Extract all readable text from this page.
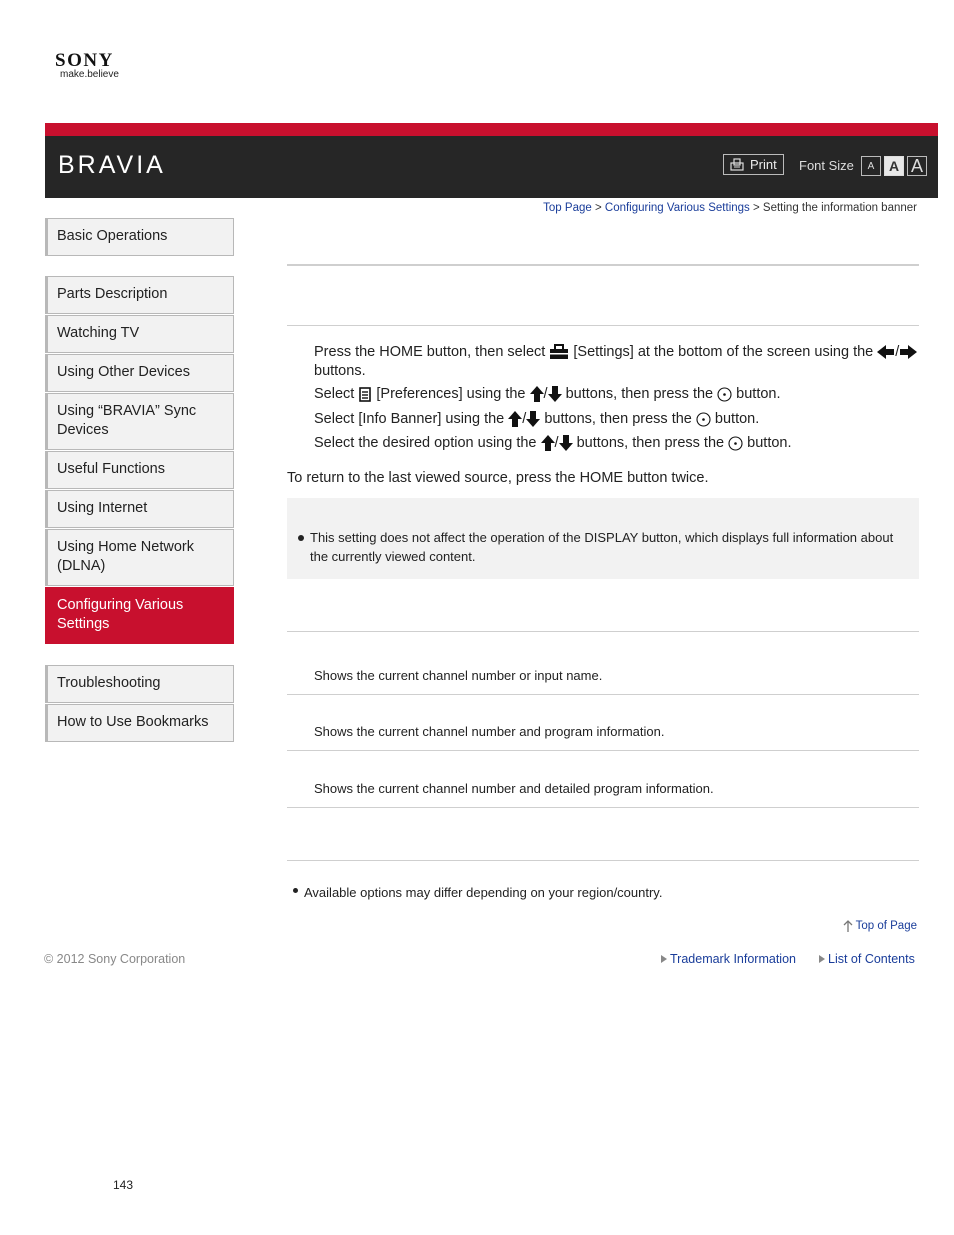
SONY
make.believe
BRAVIA	Print Font Size	A	A A
Top Page > Configuring Various Settings > Setting the information banner
Basic Operations
Parts Description
Watching TV
Using Other Devices
Using “BRAVIA” Sync Devices
Useful Functions
Using Internet
Using Home Network (DLNA)
Configuring Various Settings
Troubleshooting
How to Use Bookmarks
Press the HOME button, then select [Settings] at the bottom of the screen using the /
buttons.
Select [Preferences] using the / buttons, then press the button.
Select [Info Banner] using the / buttons, then press the button.
Select the desired option using the / buttons, then press the button.
To return to the last viewed source, press the HOME button twice.
This setting does not affect the operation of the DISPLAY button, which displays full information about the currently viewed content.
Shows the current channel number or input name.
Shows the current channel number and program information.
Shows the current channel number and detailed program information.
Available options may differ depending on your region/country.
Top of Page
© 2012 Sony Corporation	Trademark Information	List of Contents
143
